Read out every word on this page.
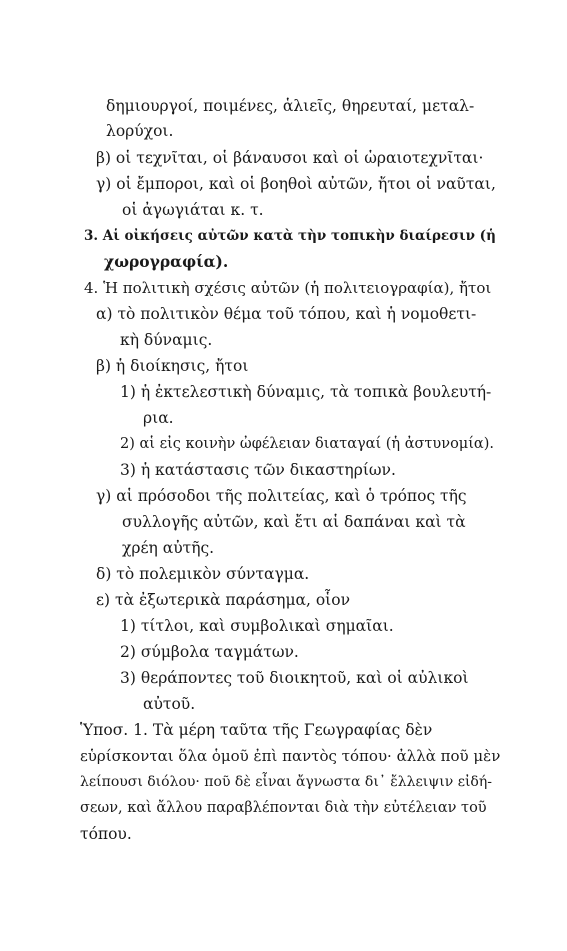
δημιουργοί, ποιμένες, ἁλιεῖς, θηρευταί, μεταλ-
λορύχοι.
β) οἱ τεχνῖται, οἱ βάναυσοι καὶ οἱ ὡραιοτεχνῖται·
γ) οἱ ἔμποροι, καὶ οἱ βοηθοὶ αὐτῶν, ἤτοι οἱ ναῦται,
οἱ ἀγωγιάται κ. τ.
3. Αἱ οἰκήσεις αὐτῶν κατὰ τὴν τοπικὴν διαίρεσιν (ἡ
χωρογραφία).
4. Ἡ πολιτικὴ σχέσις αὐτῶν (ἡ πολιτειογραφία), ἤτοι
α) τὸ πολιτικὸν θέμα τοῦ τόπου, καὶ ἡ νομοθετι-
κὴ δύναμις.
β) ἡ διοίκησις, ἤτοι
1) ἡ ἐκτελεστικὴ δύναμις, τὰ τοπικὰ βουλευτή-
ρια.
2) αἱ εἰς κοινὴν ὠφέλειαν διαταγαί (ἡ ἀστυνομία).
3) ἡ κατάστασις τῶν δικαστηρίων.
γ) αἱ πρόσοδοι τῆς πολιτείας, καὶ ὁ τρόπος τῆς
συλλογῆς αὐτῶν, καὶ ἔτι αἱ δαπάναι καὶ τὰ
χρέη αὐτῆς.
δ) τὸ πολεμικὸν σύνταγμα.
ε) τὰ ἐξωτερικὰ παράσημα, οἷον
1) τίτλοι, καὶ συμβολικαὶ σημαῖαι.
2) σύμβολα ταγμάτων.
3) θεράποντες τοῦ διοικητοῦ, καὶ οἱ αὐλικοὶ
αὐτοῦ.
Ὑποσ. 1. Τὰ μέρη ταῦτα τῆς Γεωγραφίας δὲν
εὑρίσκονται ὅλα ὁμοῦ ἐπὶ παντὸς τόπου· ἀλλὰ ποῦ μὲν
λείπουσι διόλου· ποῦ δὲ εἶναι ἄγνωστα δι᾽ ἔλλειψιν εἰδή-
σεων, καὶ ἄλλου παραβλέπονται διὰ τὴν εὐτέλειαν τοῦ
τόπου.
